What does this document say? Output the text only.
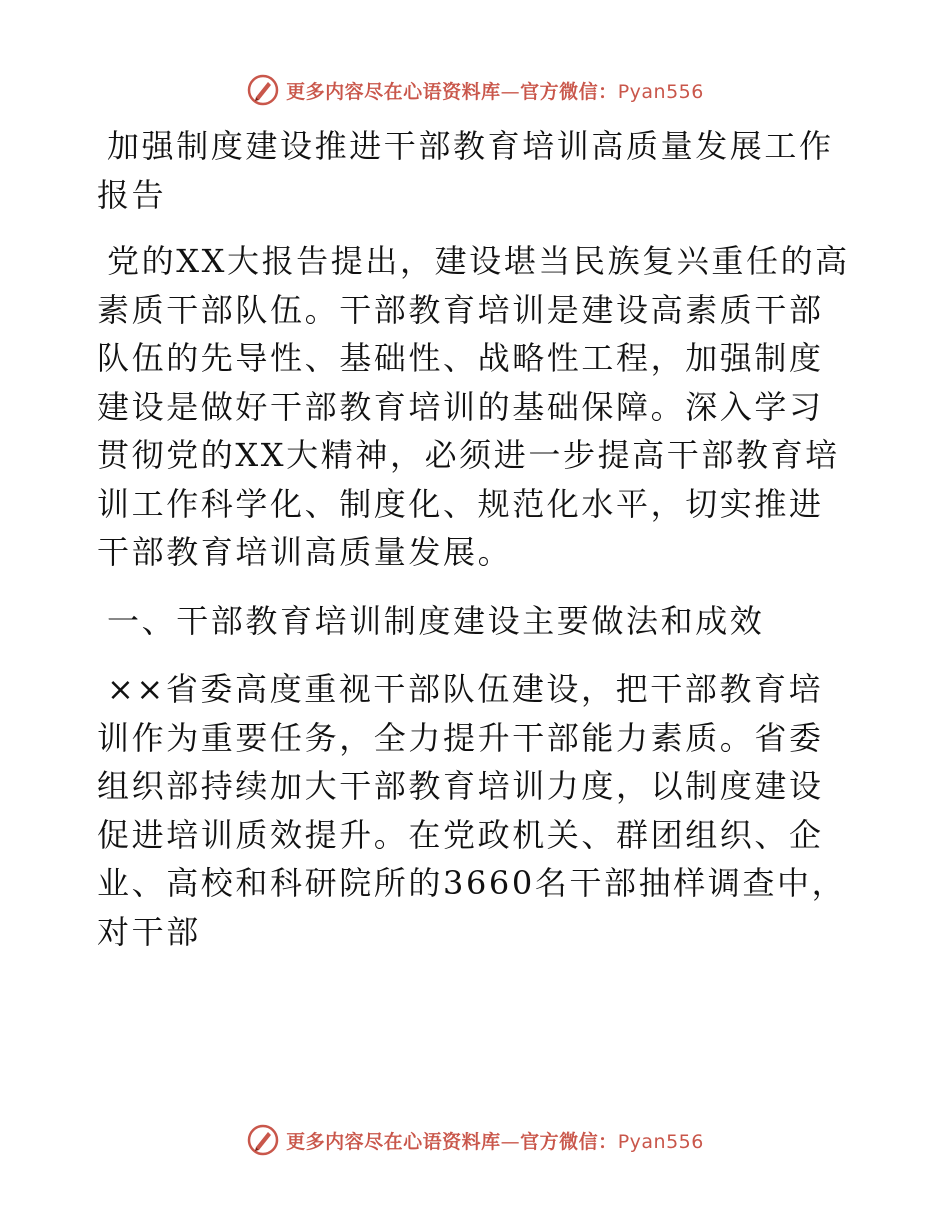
更多内容尽在心语资料库—官方微信：Pyan556

加强制度建设推进干部教育培训高质量发展工作报告

党的XX大报告提出，建设堪当民族复兴重任的高素质干部队伍。干部教育培训是建设高素质干部队伍的先导性、基础性、战略性工程，加强制度建设是做好干部教育培训的基础保障。深入学习贯彻党的XX大精神，必须进一步提高干部教育培训工作科学化、制度化、规范化水平，切实推进干部教育培训高质量发展。

一、干部教育培训制度建设主要做法和成效

××省委高度重视干部队伍建设，把干部教育培训作为重要任务，全力提升干部能力素质。省委组织部持续加大干部教育培训力度，以制度建设促进培训质效提升。在党政机关、群团组织、企业、高校和科研院所的3660名干部抽样调查中，对干部

更多内容尽在心语资料库—官方微信：Pyan556
